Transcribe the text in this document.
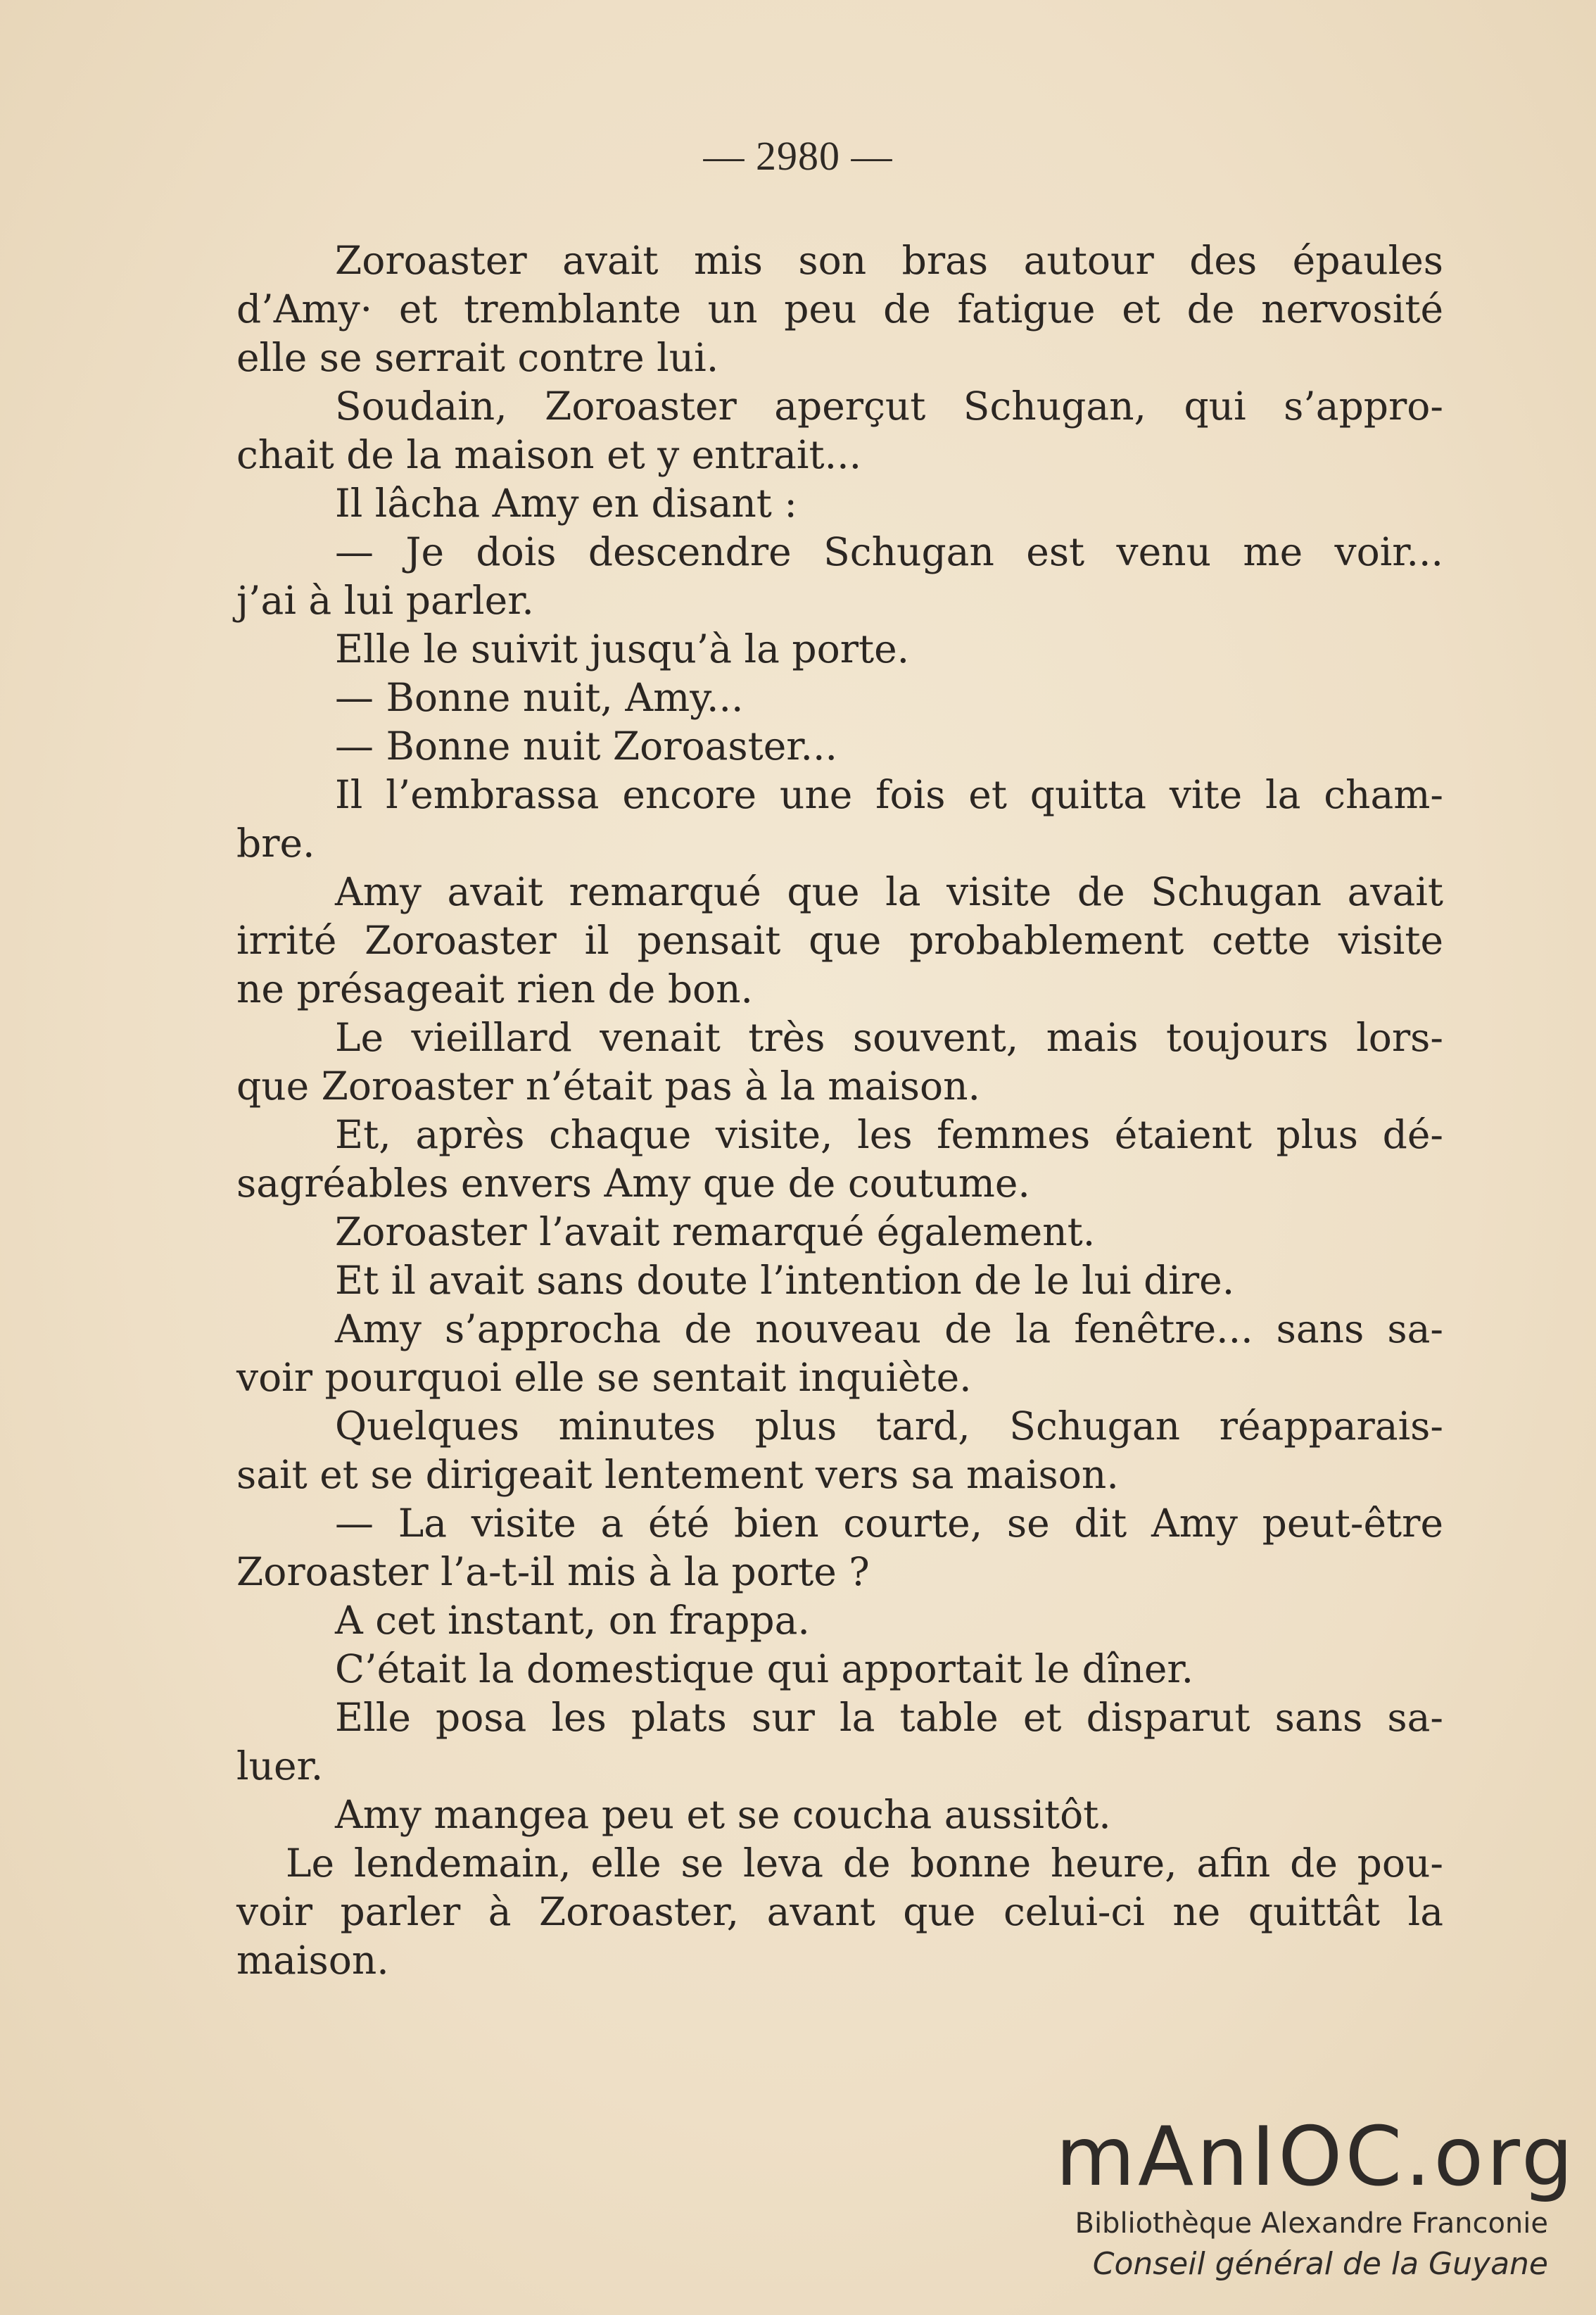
— 2980 —
Zoroaster avait mis son bras autour des épaules
d’Amy· et tremblante un peu de fatigue et de nervosité
elle se serrait contre lui.
Soudain, Zoroaster aperçut Schugan, qui s’appro-
chait de la maison et y entrait...
Il lâcha Amy en disant :
— Je dois descendre Schugan est venu me voir...
j’ai à lui parler.
Elle le suivit jusqu’à la porte.
— Bonne nuit, Amy...
— Bonne nuit Zoroaster...
Il l’embrassa encore une fois et quitta vite la cham-
bre.
Amy avait remarqué que la visite de Schugan avait
irrité Zoroaster il pensait que probablement cette visite
ne présageait rien de bon.
Le vieillard venait très souvent, mais toujours lors-
que Zoroaster n’était pas à la maison.
Et, après chaque visite, les femmes étaient plus dé-
sagréables envers Amy que de coutume.
Zoroaster l’avait remarqué également.
Et il avait sans doute l’intention de le lui dire.
Amy s’approcha de nouveau de la fenêtre... sans sa-
voir pourquoi elle se sentait inquiète.
Quelques minutes plus tard, Schugan réapparais-
sait et se dirigeait lentement vers sa maison.
— La visite a été bien courte, se dit Amy peut-être
Zoroaster l’a-t-il mis à la porte ?
A cet instant, on frappa.
C’était la domestique qui apportait le dîner.
Elle posa les plats sur la table et disparut sans sa-
luer.
Amy mangea peu et se coucha aussitôt.
Le lendemain, elle se leva de bonne heure, afin de pou-
voir parler à Zoroaster, avant que celui-ci ne quittât la
maison.
mAnIOC.org
Bibliothèque Alexandre Franconie
Conseil général de la Guyane
